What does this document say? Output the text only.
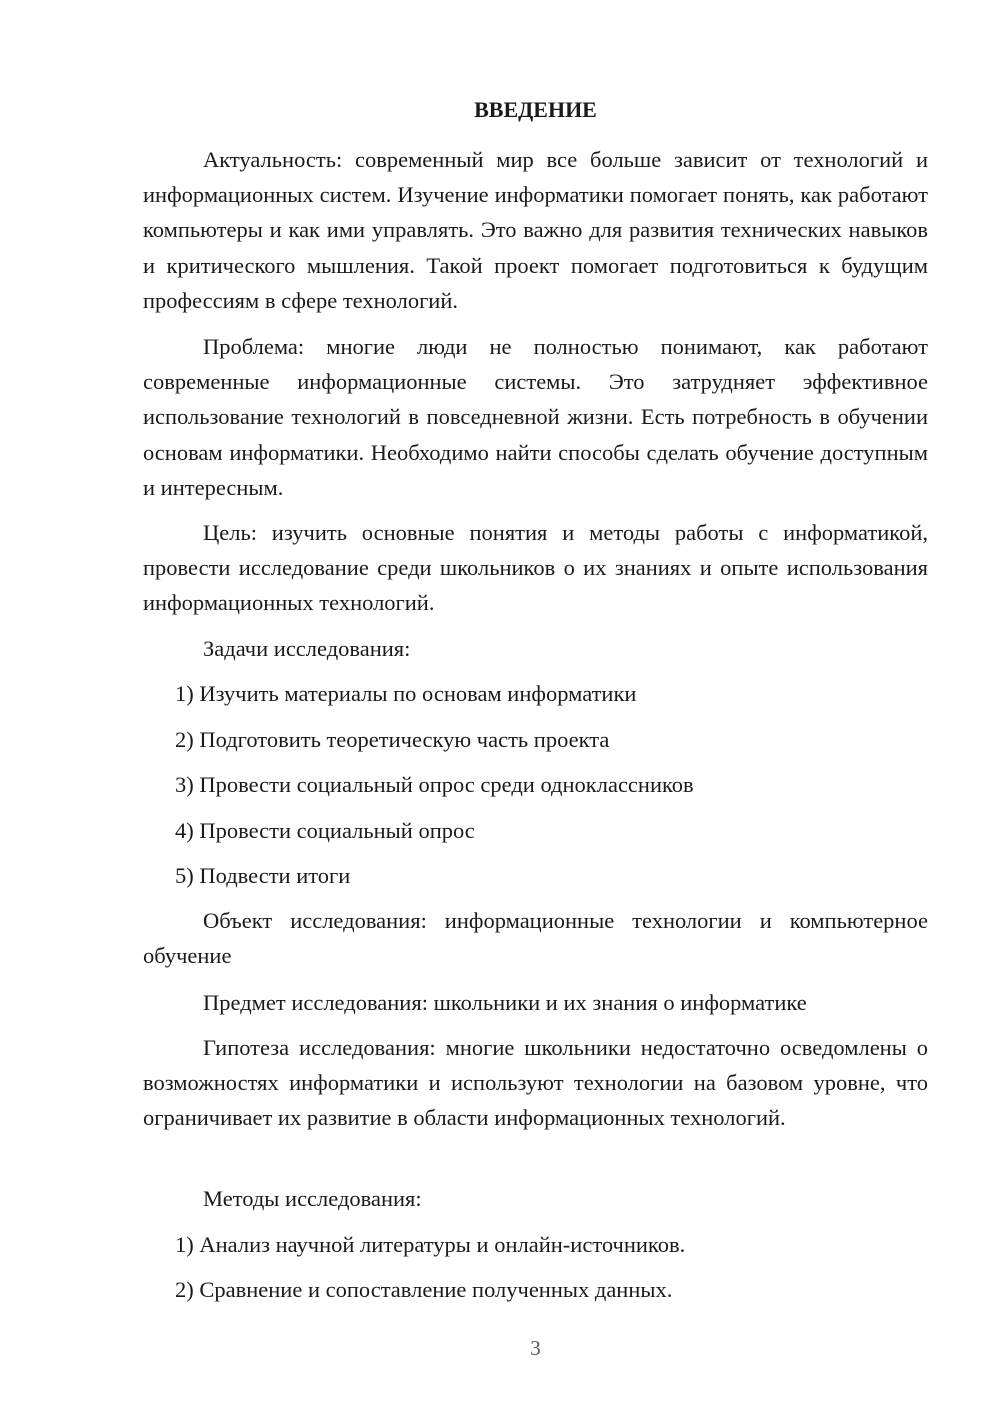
ВВЕДЕНИЕ

Актуальность: современный мир все больше зависит от технологий и информационных систем. Изучение информатики помогает понять, как работают компьютеры и как ими управлять. Это важно для развития технических навыков и критического мышления. Такой проект помогает подготовиться к будущим профессиям в сфере технологий.

Проблема: многие люди не полностью понимают, как работают современные информационные системы. Это затрудняет эффективное использование технологий в повседневной жизни. Есть потребность в обучении основам информатики. Необходимо найти способы сделать обучение доступным и интересным.

Цель: изучить основные понятия и методы работы с информатикой, провести исследование среди школьников о их знаниях и опыте использования информационных технологий.

Задачи исследования:

1) Изучить материалы по основам информатики
2) Подготовить теоретическую часть проекта
3) Провести социальный опрос среди одноклассников
4) Провести социальный опрос
5) Подвести итоги

Объект исследования: информационные технологии и компьютерное обучение

Предмет исследования: школьники и их знания о информатике

Гипотеза исследования: многие школьники недостаточно осведомлены о возможностях информатики и используют технологии на базовом уровне, что ограничивает их развитие в области информационных технологий.

Методы исследования:

1) Анализ научной литературы и онлайн-источников.
2) Сравнение и сопоставление полученных данных.
3
